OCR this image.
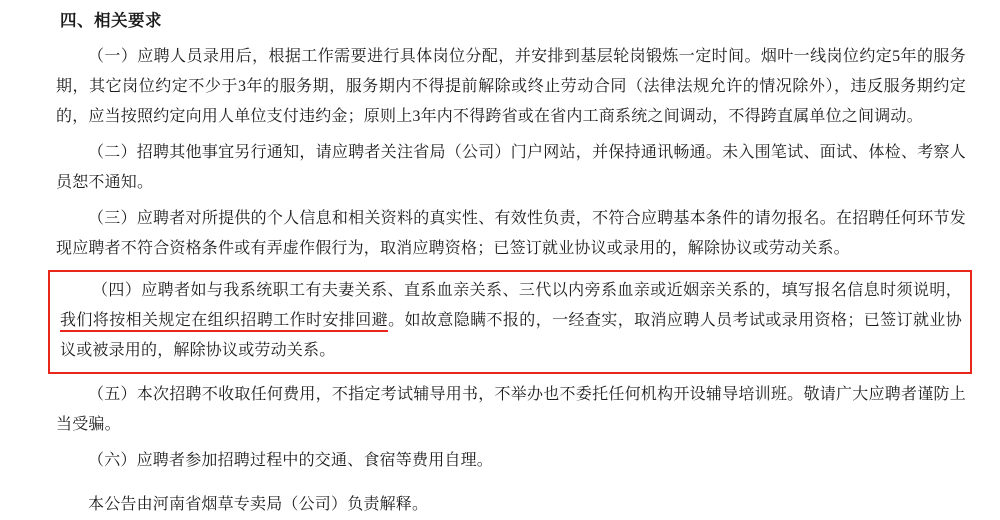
四、相关要求

（一）应聘人员录用后，根据工作需要进行具体岗位分配，并安排到基层轮岗锻炼一定时间。烟叶一线岗位约定5年的服务期，其它岗位约定不少于3年的服务期，服务期内不得提前解除或终止劳动合同（法律法规允许的情况除外），违反服务期约定的，应当按照约定向用人单位支付违约金；原则上3年内不得跨省或在省内工商系统之间调动，不得跨直属单位之间调动。

（二）招聘其他事宜另行通知，请应聘者关注省局（公司）门户网站，并保持通讯畅通。未入围笔试、面试、体检、考察人员恕不通知。

（三）应聘者对所提供的个人信息和相关资料的真实性、有效性负责，不符合应聘基本条件的请勿报名。在招聘任何环节发现应聘者不符合资格条件或有弄虚作假行为，取消应聘资格；已签订就业协议或录用的，解除协议或劳动关系。

（四）应聘者如与我系统职工有夫妻关系、直系血亲关系、三代以内旁系血亲或近姻亲关系的，填写报名信息时须说明，我们将按相关规定在组织招聘工作时安排回避。如故意隐瞒不报的，一经查实，取消应聘人员考试或录用资格；已签订就业协议或被录用的，解除协议或劳动关系。

（五）本次招聘不收取任何费用，不指定考试辅导用书，不举办也不委托任何机构开设辅导培训班。敬请广大应聘者谨防上当受骗。

（六）应聘者参加招聘过程中的交通、食宿等费用自理。

本公告由河南省烟草专卖局（公司）负责解释。
